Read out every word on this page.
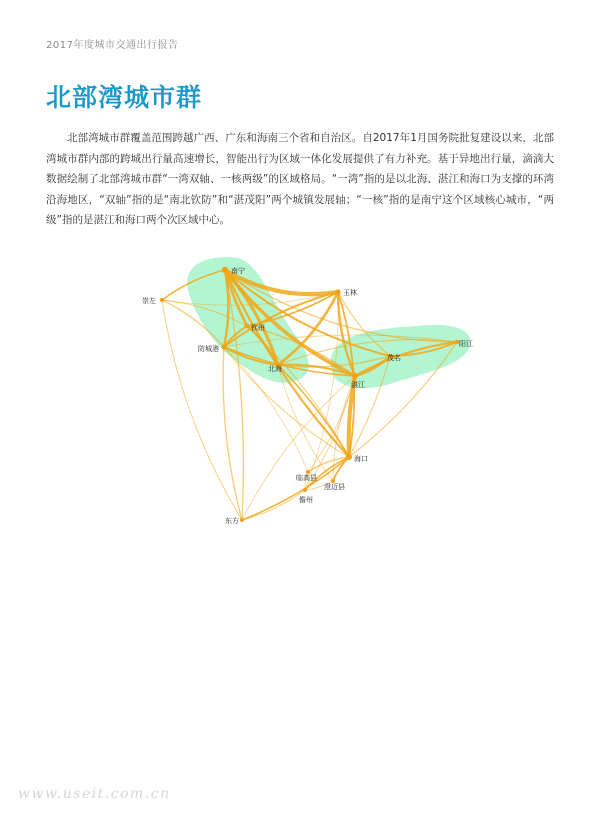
2017年度城市交通出行报告
北部湾城市群

北部湾城市群覆盖范围跨越广西、广东和海南三个省和自治区。自2017年1月国务院批复建设以来，北部湾城市群内部的跨城出行量高速增长，智能出行为区域一体化发展提供了有力补充。基于异地出行量，滴滴大数据绘制了北部湾城市群“一湾双轴、一核两级”的区域格局。“一湾”指的是以北海、湛江和海口为支撑的环湾沿海地区，“双轴”指的是“南北钦防”和“湛茂阳”两个城镇发展轴；“一核”指的是南宁这个区域核心城市，“两级”指的是湛江和海口两个次区域中心。

南宁
崇左
玉林
钦州
防城港
北海
茂名
阳江
湛江
海口
临高县
澄迈县
儋州
东方
www.useit.com.cn
